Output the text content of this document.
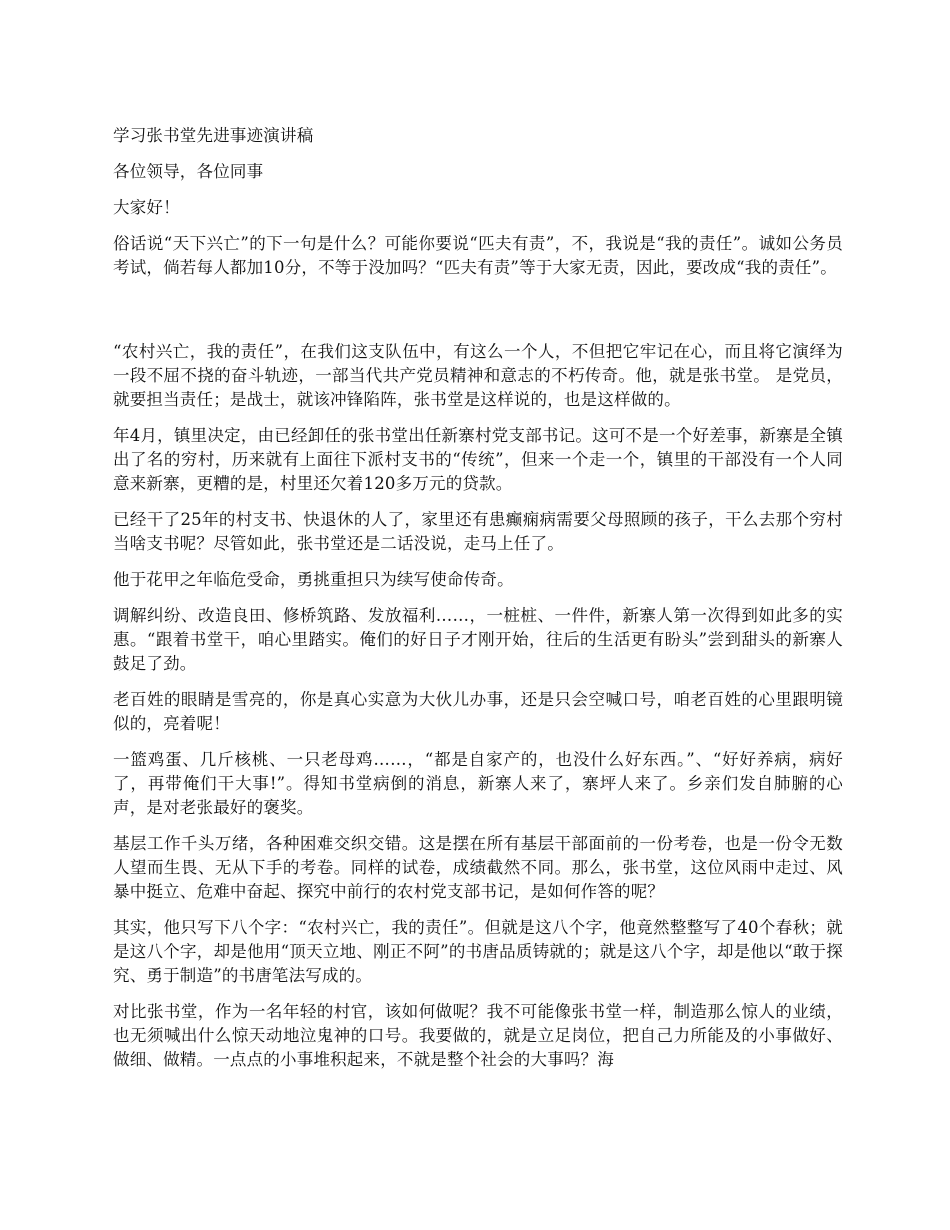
学习张书堂先进事迹演讲稿

各位领导，各位同事

大家好！

俗话说“天下兴亡”的下一句是什么？可能你要说“匹夫有责”，不，我说是“我的责任”。诚如公务员考试，倘若每人都加10分，不等于没加吗？“匹夫有责”等于大家无责，因此，要改成“我的责任”。

“农村兴亡，我的责任”，在我们这支队伍中，有这么一个人，不但把它牢记在心，而且将它演绎为一段不屈不挠的奋斗轨迹，一部当代共产党员精神和意志的不朽传奇。他，就是张书堂。 是党员，就要担当责任；是战士，就该冲锋陷阵，张书堂是这样说的，也是这样做的。

年4月，镇里决定，由已经卸任的张书堂出任新寨村党支部书记。这可不是一个好差事，新寨是全镇出了名的穷村，历来就有上面往下派村支书的“传统”，但来一个走一个，镇里的干部没有一个人同意来新寨，更糟的是，村里还欠着120多万元的贷款。

已经干了25年的村支书、快退休的人了，家里还有患癫痫病需要父母照顾的孩子，干么去那个穷村当啥支书呢？尽管如此，张书堂还是二话没说，走马上任了。

他于花甲之年临危受命，勇挑重担只为续写使命传奇。

调解纠纷、改造良田、修桥筑路、发放福利……，一桩桩、一件件，新寨人第一次得到如此多的实惠。“跟着书堂干，咱心里踏实。俺们的好日子才刚开始，往后的生活更有盼头”尝到甜头的新寨人鼓足了劲。

老百姓的眼睛是雪亮的，你是真心实意为大伙儿办事，还是只会空喊口号，咱老百姓的心里跟明镜似的，亮着呢！

一篮鸡蛋、几斤核桃、一只老母鸡……，“都是自家产的，也没什么好东西。”、“好好养病，病好了，再带俺们干大事!”。得知书堂病倒的消息，新寨人来了，寨坪人来了。乡亲们发自肺腑的心声，是对老张最好的褒奖。

基层工作千头万绪，各种困难交织交错。这是摆在所有基层干部面前的一份考卷，也是一份令无数人望而生畏、无从下手的考卷。同样的试卷，成绩截然不同。那么，张书堂，这位风雨中走过、风暴中挺立、危难中奋起、探究中前行的农村党支部书记，是如何作答的呢？

其实，他只写下八个字：“农村兴亡，我的责任”。但就是这八个字，他竟然整整写了40个春秋；就是这八个字，却是他用“顶天立地、刚正不阿”的书唐品质铸就的；就是这八个字，却是他以“敢于探究、勇于制造”的书唐笔法写成的。

对比张书堂，作为一名年轻的村官，该如何做呢？我不可能像张书堂一样，制造那么惊人的业绩，也无须喊出什么惊天动地泣鬼神的口号。我要做的，就是立足岗位，把自己力所能及的小事做好、 做细、做精。一点点的小事堆积起来，不就是整个社会的大事吗？海
